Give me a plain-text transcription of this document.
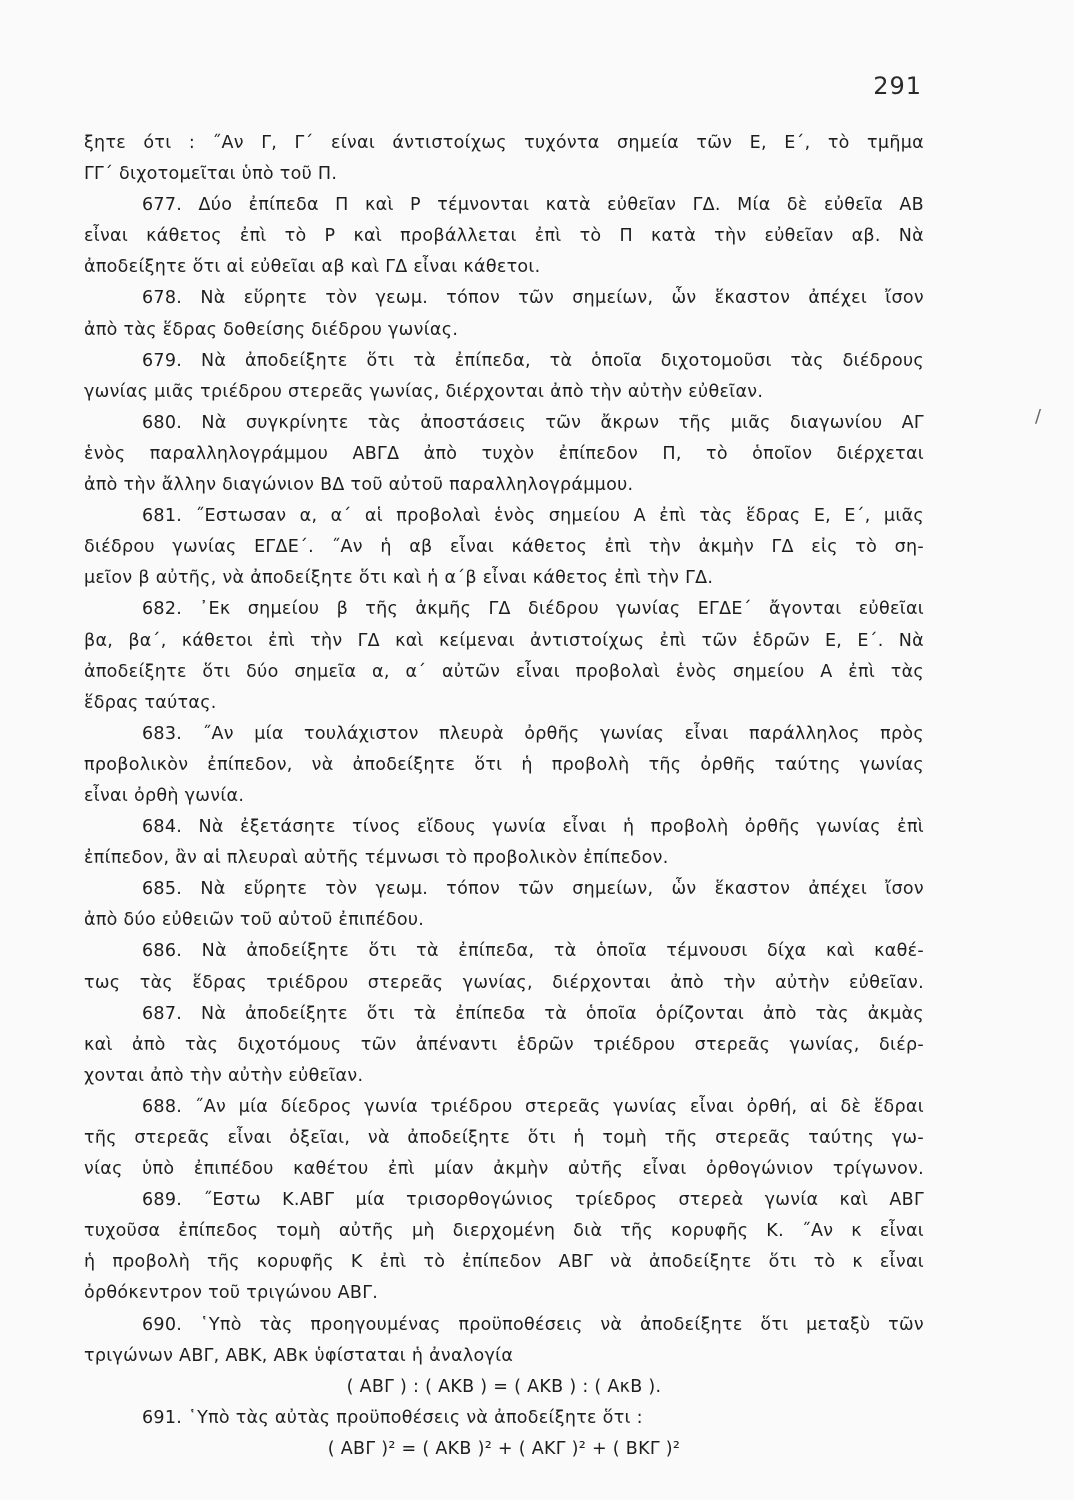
291
/
ξητε ότι : ˝Αν Γ, Γ΄ είναι άντιστοίχως τυχόντα σημεία τῶν Ε, Ε΄, τὸ τμῆμα
ΓΓ΄ διχοτομεῖται ὑπὸ τοῦ Π.
677. Δύο ἐπίπεδα Π καὶ Ρ τέμνονται κατὰ εὐθεῖαν ΓΔ. Μία δὲ εὐθεῖα ΑΒ
εἶναι κάθετος ἐπὶ τὸ Ρ καὶ προβάλλεται ἐπὶ τὸ Π κατὰ τὴν εὐθεῖαν αβ. Νὰ
ἀποδείξητε ὅτι αἱ εὐθεῖαι αβ καὶ ΓΔ εἶναι κάθετοι.
678. Νὰ εὕρητε τὸν γεωμ. τόπον τῶν σημείων, ὧν ἕκαστον ἀπέχει ἴσον
ἀπὸ τὰς ἕδρας δοθείσης διέδρου γωνίας.
679. Νὰ ἀποδείξητε ὅτι τὰ ἐπίπεδα, τὰ ὁποῖα διχοτομοῦσι τὰς διέδρους
γωνίας μιᾶς τριέδρου στερεᾶς γωνίας, διέρχονται ἀπὸ τὴν αὐτὴν εὐθεῖαν.
680. Νὰ συγκρίνητε τὰς ἀποστάσεις τῶν ἄκρων τῆς μιᾶς διαγωνίου ΑΓ
ἑνὸς παραλληλογράμμου ΑΒΓΔ ἀπὸ τυχὸν ἐπίπεδον Π, τὸ ὁποῖον διέρχεται
ἀπὸ τὴν ἄλλην διαγώνιον ΒΔ τοῦ αὐτοῦ παραλληλογράμμου.
681. ˝Εστωσαν α, α΄ αἱ προβολαὶ ἑνὸς σημείου Α ἐπὶ τὰς ἕδρας Ε, Ε΄, μιᾶς
διέδρου γωνίας ΕΓΔΕ΄. ˝Αν ἡ αβ εἶναι κάθετος ἐπὶ τὴν ἀκμὴν ΓΔ εἰς τὸ ση-
μεῖον β αὐτῆς, νὰ ἀποδείξητε ὅτι καὶ ἡ α΄β εἶναι κάθετος ἐπὶ τὴν ΓΔ.
682. ᾽Εκ σημείου β τῆς ἀκμῆς ΓΔ διέδρου γωνίας ΕΓΔΕ΄ ἄγονται εὐθεῖαι
βα, βα΄, κάθετοι ἐπὶ τὴν ΓΔ καὶ κείμεναι ἀντιστοίχως ἐπὶ τῶν ἑδρῶν Ε, Ε΄. Νὰ
ἀποδείξητε ὅτι δύο σημεῖα α, α΄ αὐτῶν εἶναι προβολαὶ ἑνὸς σημείου Α ἐπὶ τὰς
ἕδρας ταύτας.
683. ˝Αν μία τουλάχιστον πλευρὰ ὀρθῆς γωνίας εἶναι παράλληλος πρὸς
προβολικὸν ἐπίπεδον, νὰ ἀποδείξητε ὅτι ἡ προβολὴ τῆς ὀρθῆς ταύτης γωνίας
εἶναι ὀρθὴ γωνία.
684. Νὰ ἐξετάσητε τίνος εἴδους γωνία εἶναι ἡ προβολὴ ὀρθῆς γωνίας ἐπὶ
ἐπίπεδον, ἂν αἱ πλευραὶ αὐτῆς τέμνωσι τὸ προβολικὸν ἐπίπεδον.
685. Νὰ εὕρητε τὸν γεωμ. τόπον τῶν σημείων, ὧν ἕκαστον ἀπέχει ἴσον
ἀπὸ δύο εὐθειῶν τοῦ αὐτοῦ ἐπιπέδου.
686. Νὰ ἀποδείξητε ὅτι τὰ ἐπίπεδα, τὰ ὁποῖα τέμνουσι δίχα καὶ καθέ-
τως τὰς ἕδρας τριέδρου στερεᾶς γωνίας, διέρχονται ἀπὸ τὴν αὐτὴν εὐθεῖαν.
687. Νὰ ἀποδείξητε ὅτι τὰ ἐπίπεδα τὰ ὁποῖα ὁρίζονται ἀπὸ τὰς ἀκμὰς
καὶ ἀπὸ τὰς διχοτόμους τῶν ἀπέναντι ἑδρῶν τριέδρου στερεᾶς γωνίας, διέρ-
χονται ἀπὸ τὴν αὐτὴν εὐθεῖαν.
688. ˝Αν μία δίεδρος γωνία τριέδρου στερεᾶς γωνίας εἶναι ὀρθή, αἱ δὲ ἕδραι
τῆς στερεᾶς εἶναι ὀξεῖαι, νὰ ἀποδείξητε ὅτι ἡ τομὴ τῆς στερεᾶς ταύτης γω-
νίας ὑπὸ ἐπιπέδου καθέτου ἐπὶ μίαν ἀκμὴν αὐτῆς εἶναι ὀρθογώνιον τρίγωνον.
689. ˝Εστω Κ.ΑΒΓ μία τρισορθογώνιος τρίεδρος στερεὰ γωνία καὶ ΑΒΓ
τυχοῦσα ἐπίπεδος τομὴ αὐτῆς μὴ διερχομένη διὰ τῆς κορυφῆς Κ. ˝Αν κ εἶναι
ἡ προβολὴ τῆς κορυφῆς Κ ἐπὶ τὸ ἐπίπεδον ΑΒΓ νὰ ἀποδείξητε ὅτι τὸ κ εἶναι
ὀρθόκεντρον τοῦ τριγώνου ΑΒΓ.
690. ῾Υπὸ τὰς προηγουμένας προϋποθέσεις νὰ ἀποδείξητε ὅτι μεταξὺ τῶν
τριγώνων ΑΒΓ, ΑΒΚ, ΑΒκ ὑφίσταται ἡ ἀναλογία
( ΑΒΓ ) : ( ΑΚΒ ) = ( ΑΚΒ ) : ( ΑκΒ ).
691. ῾Υπὸ τὰς αὐτὰς προϋποθέσεις νὰ ἀποδείξητε ὅτι :
( ΑΒΓ )² = ( ΑΚΒ )² + ( ΑΚΓ )² + ( ΒΚΓ )²
